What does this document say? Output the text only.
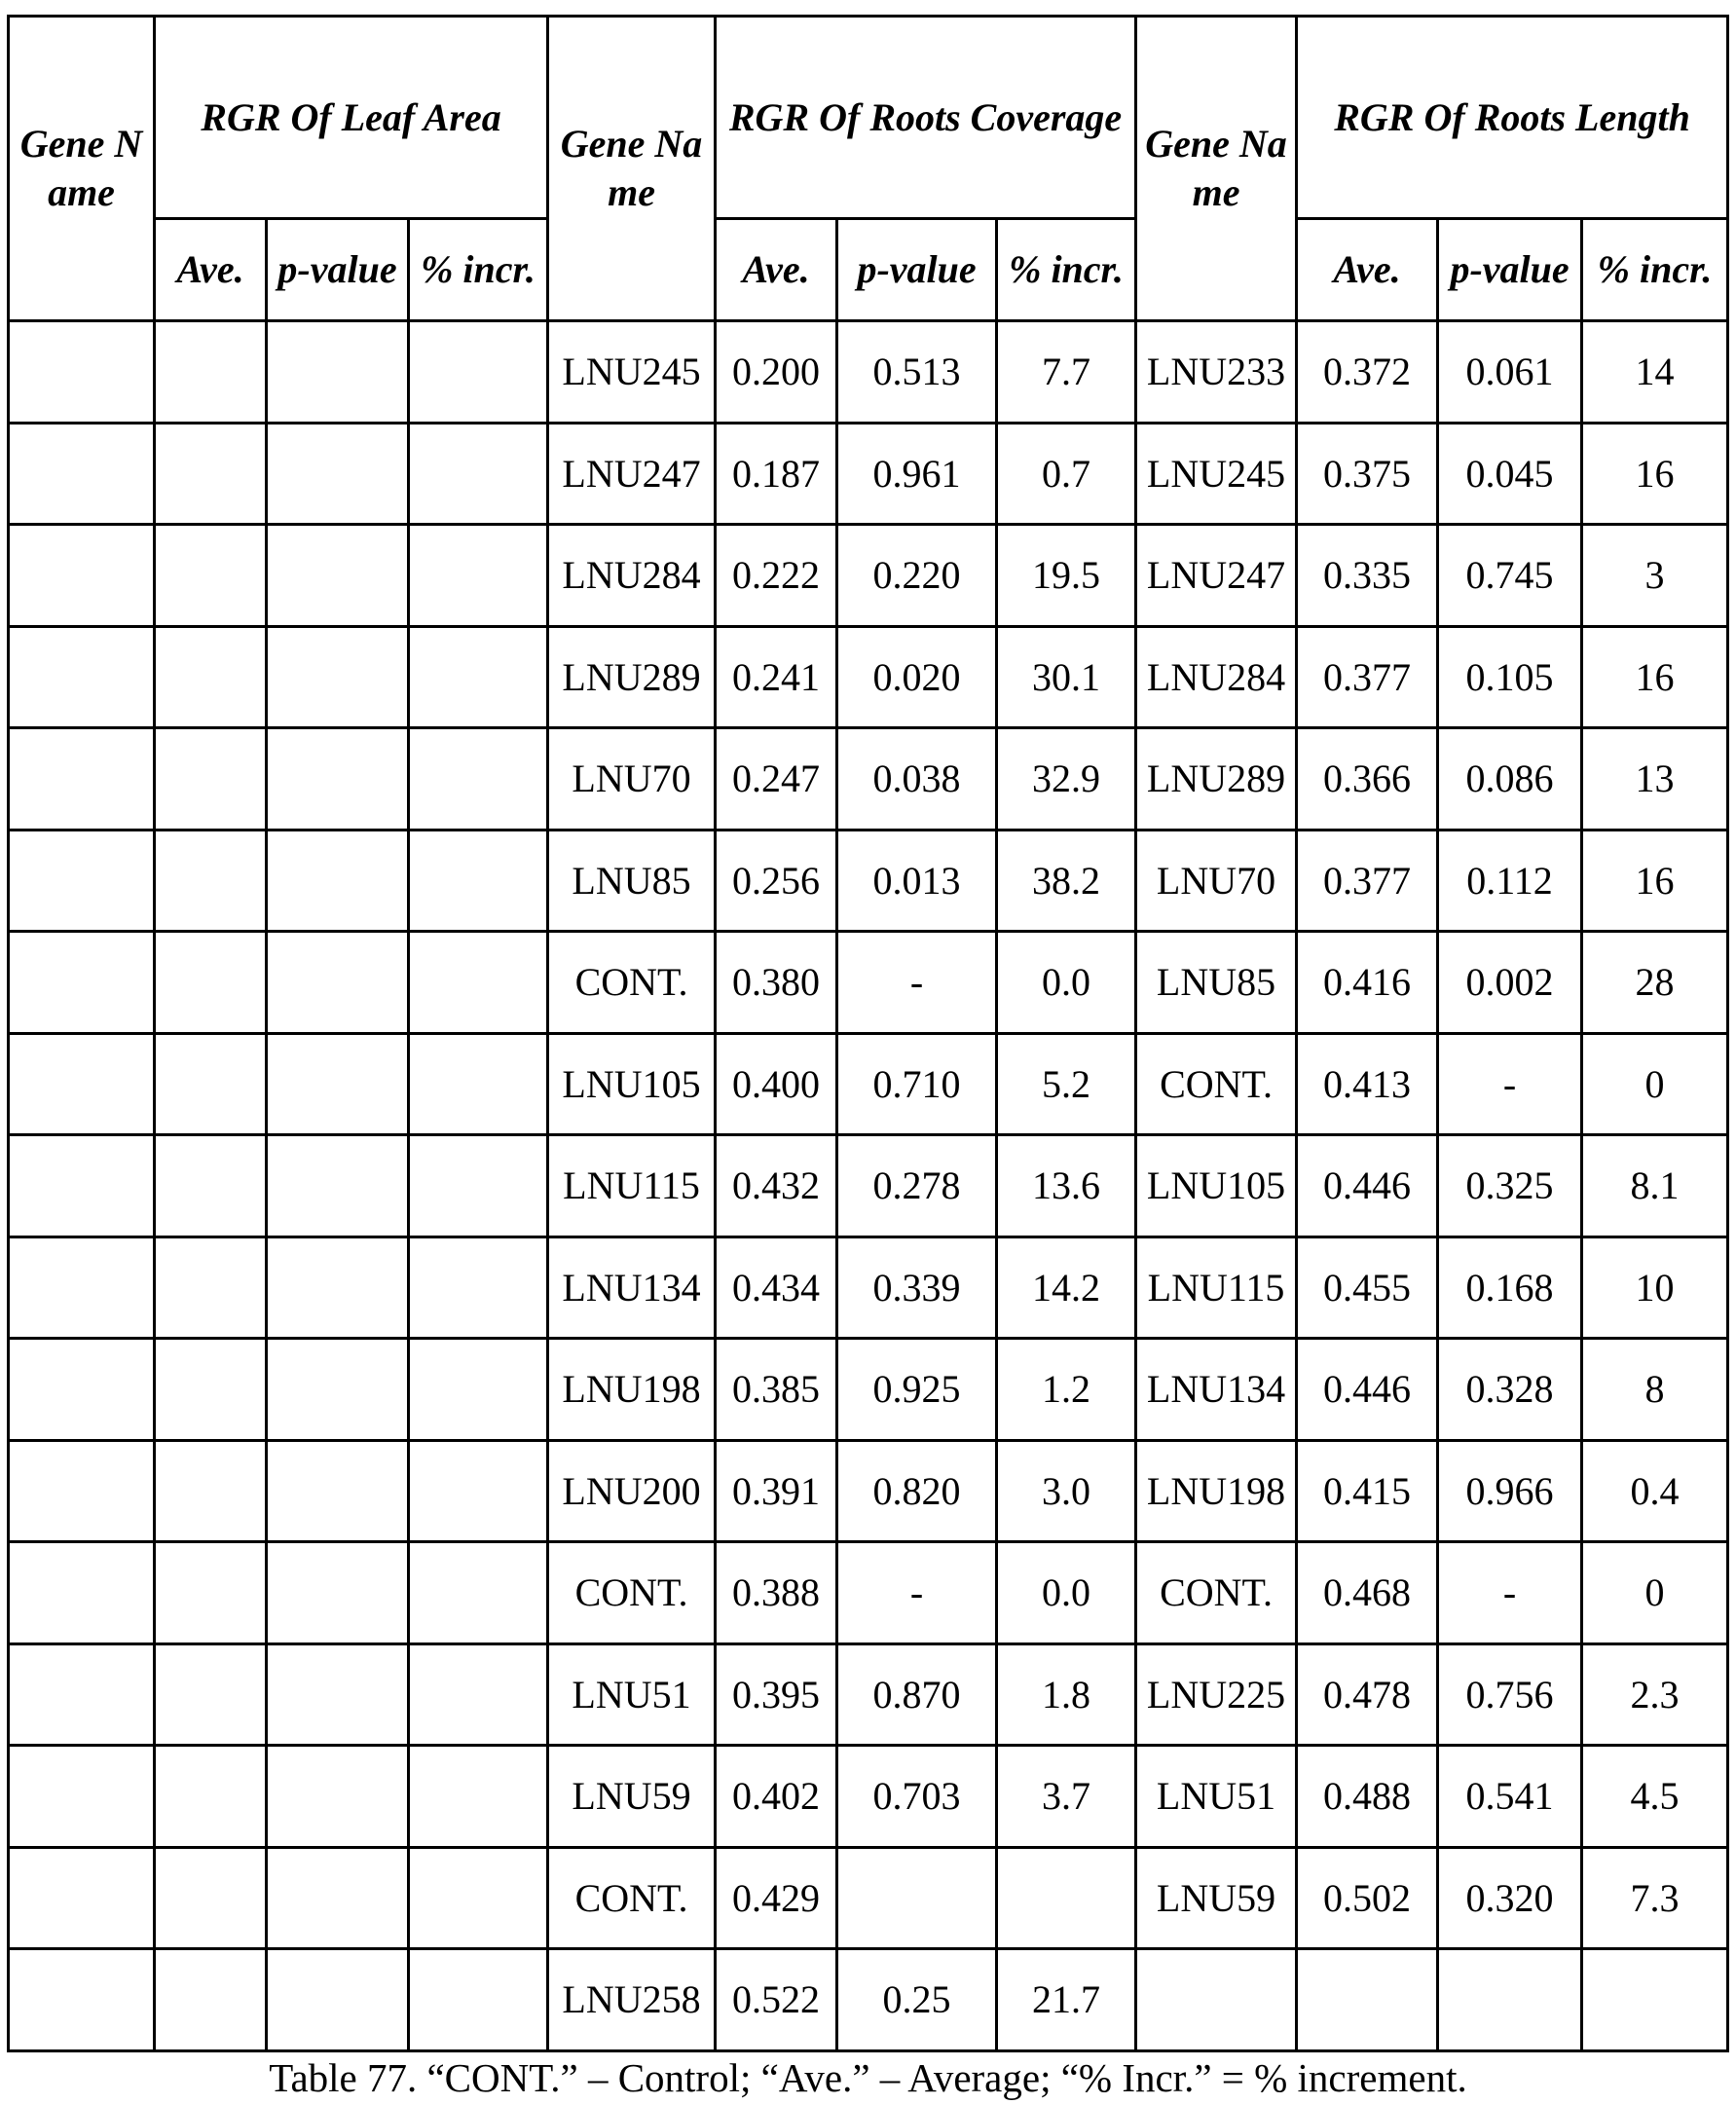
Gene Name	RGR Of Leaf Area			Gene Name	RGR Of Roots Coverage			Gene Name	RGR Of Roots Length		
	Ave.	p-value	% incr.		Ave.	p-value	% incr.		Ave.	p-value	% incr.
				LNU245	0.200	0.513	7.7	LNU233	0.372	0.061	14
				LNU247	0.187	0.961	0.7	LNU245	0.375	0.045	16
				LNU284	0.222	0.220	19.5	LNU247	0.335	0.745	3
				LNU289	0.241	0.020	30.1	LNU284	0.377	0.105	16
				LNU70	0.247	0.038	32.9	LNU289	0.366	0.086	13
				LNU85	0.256	0.013	38.2	LNU70	0.377	0.112	16
				CONT.	0.380	-	0.0	LNU85	0.416	0.002	28
				LNU105	0.400	0.710	5.2	CONT.	0.413	-	0
				LNU115	0.432	0.278	13.6	LNU105	0.446	0.325	8.1
				LNU134	0.434	0.339	14.2	LNU115	0.455	0.168	10
				LNU198	0.385	0.925	1.2	LNU134	0.446	0.328	8
				LNU200	0.391	0.820	3.0	LNU198	0.415	0.966	0.4
				CONT.	0.388	-	0.0	CONT.	0.468	-	0
				LNU51	0.395	0.870	1.8	LNU225	0.478	0.756	2.3
				LNU59	0.402	0.703	3.7	LNU51	0.488	0.541	4.5
				CONT.	0.429			LNU59	0.502	0.320	7.3
				LNU258	0.522	0.25	21.7				
Table 77. “CONT.” – Control; “Ave.” – Average; “% Incr.” = % increment.
